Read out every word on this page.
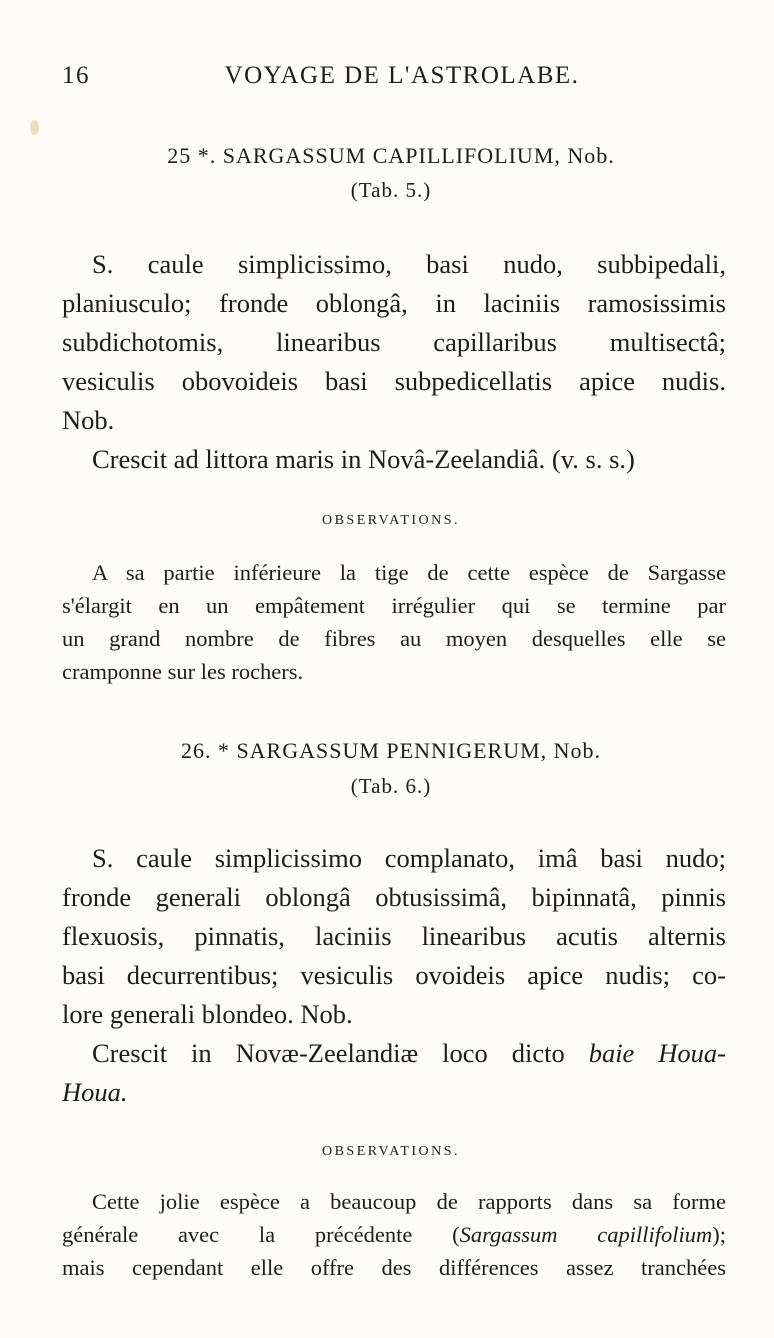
16	VOYAGE DE L'ASTROLABE.
25 *. SARGASSUM CAPILLIFOLIUM, Nob.
(Tab. 5.)
S. caule simplicissimo, basi nudo, subbipedali,
planiusculo; fronde oblongâ, in laciniis ramosissimis
subdichotomis, linearibus capillaribus multisectâ;
vesiculis obovoideis basi subpedicellatis apice nudis.
Nob.
Crescit ad littora maris in Novâ-Zeelandiâ. (v. s. s.)
OBSERVATIONS.
A sa partie inférieure la tige de cette espèce de Sargasse
s'élargit en un empâtement irrégulier qui se termine par
un grand nombre de fibres au moyen desquelles elle se
cramponne sur les rochers.
26. * SARGASSUM PENNIGERUM, Nob.
(Tab. 6.)
S. caule simplicissimo complanato, imâ basi nudo;
fronde generali oblongâ obtusissimâ, bipinnatâ, pinnis
flexuosis, pinnatis, laciniis linearibus acutis alternis
basi decurrentibus; vesiculis ovoideis apice nudis; co-
lore generali blondeo. Nob.
Crescit in Novæ-Zeelandiæ loco dicto baie Houa-
Houa.
OBSERVATIONS.
Cette jolie espèce a beaucoup de rapports dans sa forme
générale avec la précédente (Sargassum capillifolium);
mais cependant elle offre des différences assez tranchées
